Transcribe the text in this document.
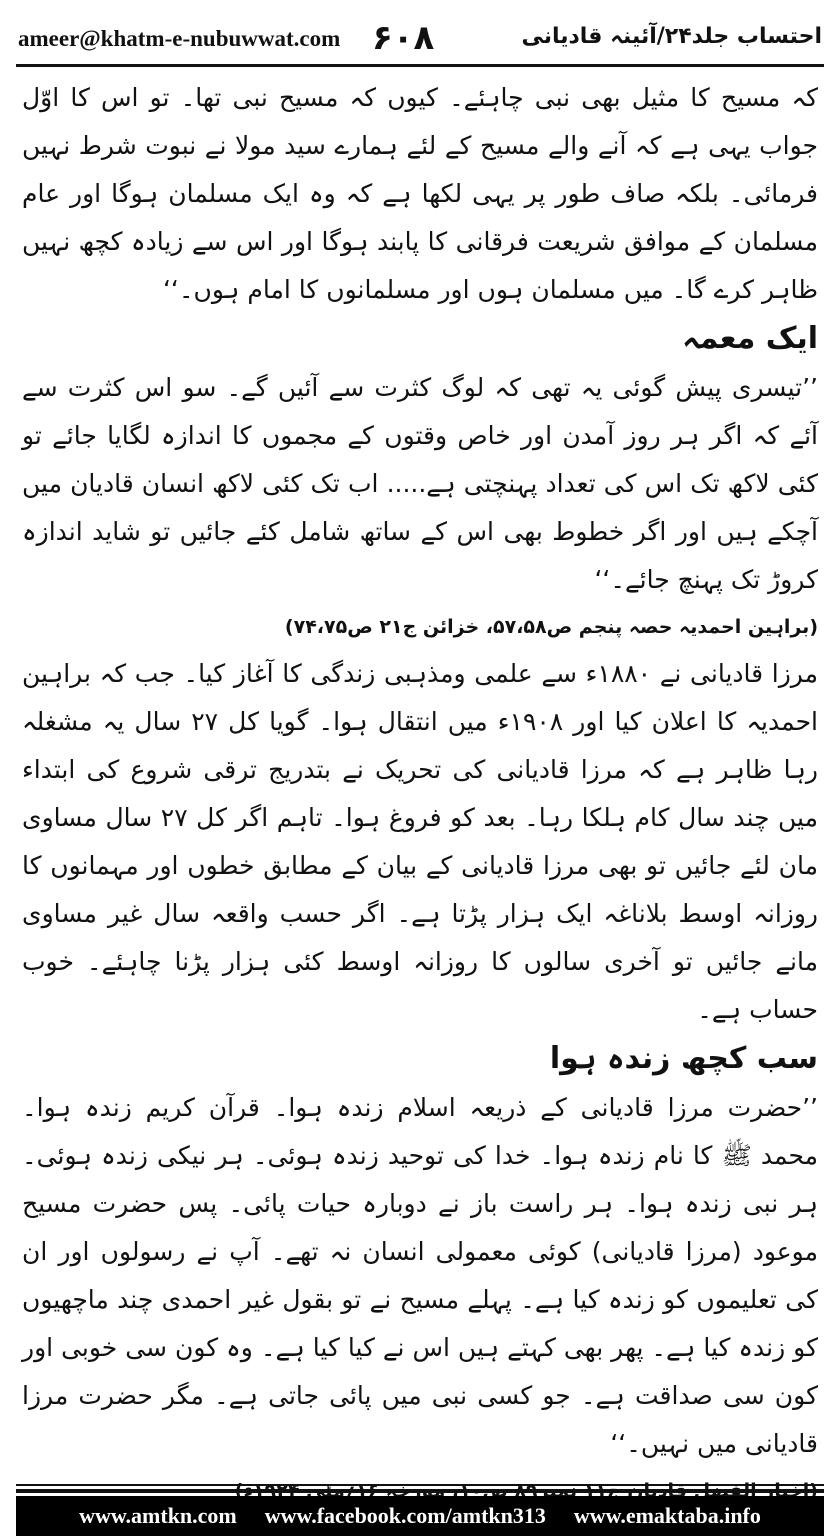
ameer@khatm-e-nubuwwat.com ۶۰۸	احتساب جلد۲۴/آئینہ قادیانی

کہ مسیح کا مثیل بھی نبی چاہئے۔ کیوں کہ مسیح نبی تھا۔ تو اس کا اوّل جواب یہی ہے کہ آنے والے مسیح کے لئے ہمارے سید مولا نے نبوت شرط نہیں فرمائی۔ بلکہ صاف طور پر یہی لکھا ہے کہ وہ ایک مسلمان ہوگا اور عام مسلمان کے موافق شریعت فرقانی کا پابند ہوگا اور اس سے زیادہ کچھ نہیں ظاہر کرے گا۔ میں مسلمان ہوں اور مسلمانوں کا امام ہوں۔‘‘

ایک معمہ

’’تیسری پیش گوئی یہ تھی کہ لوگ کثرت سے آئیں گے۔ سو اس کثرت سے آئے کہ اگر ہر روز آمدن اور خاص وقتوں کے مجموں کا اندازہ لگایا جائے تو کئی لاکھ تک اس کی تعداد پہنچتی ہے..... اب تک کئی لاکھ انسان قادیان میں آچکے ہیں اور اگر خطوط بھی اس کے ساتھ شامل کئے جائیں تو شاید اندازہ کروڑ تک پہنچ جائے۔‘‘

(براہین احمدیہ حصہ پنجم ص۵۷،۵۸، خزائن ج۲۱ ص۷۴،۷۵)

مرزا قادیانی نے ۱۸۸۰ء سے علمی ومذہبی زندگی کا آغاز کیا۔ جب کہ براہین احمدیہ کا اعلان کیا اور ۱۹۰۸ء میں انتقال ہوا۔ گویا کل ۲۷ سال یہ مشغلہ رہا ظاہر ہے کہ مرزا قادیانی کی تحریک نے بتدریج ترقی شروع کی ابتداء میں چند سال کام ہلکا رہا۔ بعد کو فروغ ہوا۔ تاہم اگر کل ۲۷ سال مساوی مان لئے جائیں تو بھی مرزا قادیانی کے بیان کے مطابق خطوں اور مہمانوں کا روزانہ اوسط بلاناغہ ایک ہزار پڑتا ہے۔ اگر حسب واقعہ سال غیر مساوی مانے جائیں تو آخری سالوں کا روزانہ اوسط کئی ہزار پڑنا چاہئے۔ خوب حساب ہے۔

سب کچھ زندہ ہوا

’’حضرت مرزا قادیانی کے ذریعہ اسلام زندہ ہوا۔ قرآن کریم زندہ ہوا۔ محمد ﷺ کا نام زندہ ہوا۔ خدا کی توحید زندہ ہوئی۔ ہر نیکی زندہ ہوئی۔ ہر نبی زندہ ہوا۔ ہر راست باز نے دوبارہ حیات پائی۔ پس حضرت مسیح موعود (مرزا قادیانی) کوئی معمولی انسان نہ تھے۔ آپ نے رسولوں اور ان کی تعلیموں کو زندہ کیا ہے۔ پہلے مسیح نے تو بقول غیر احمدی چند ماچھیوں کو زندہ کیا ہے۔ پھر بھی کہتے ہیں اس نے کیا کیا ہے۔ وہ کون سی خوبی اور کون سی صداقت ہے۔ جو کسی نبی میں پائی جاتی ہے۔ مگر حضرت مرزا قادیانی میں نہیں۔‘‘

www.amtkn.com www.facebook.com/amtkn313 www.emaktaba.info
